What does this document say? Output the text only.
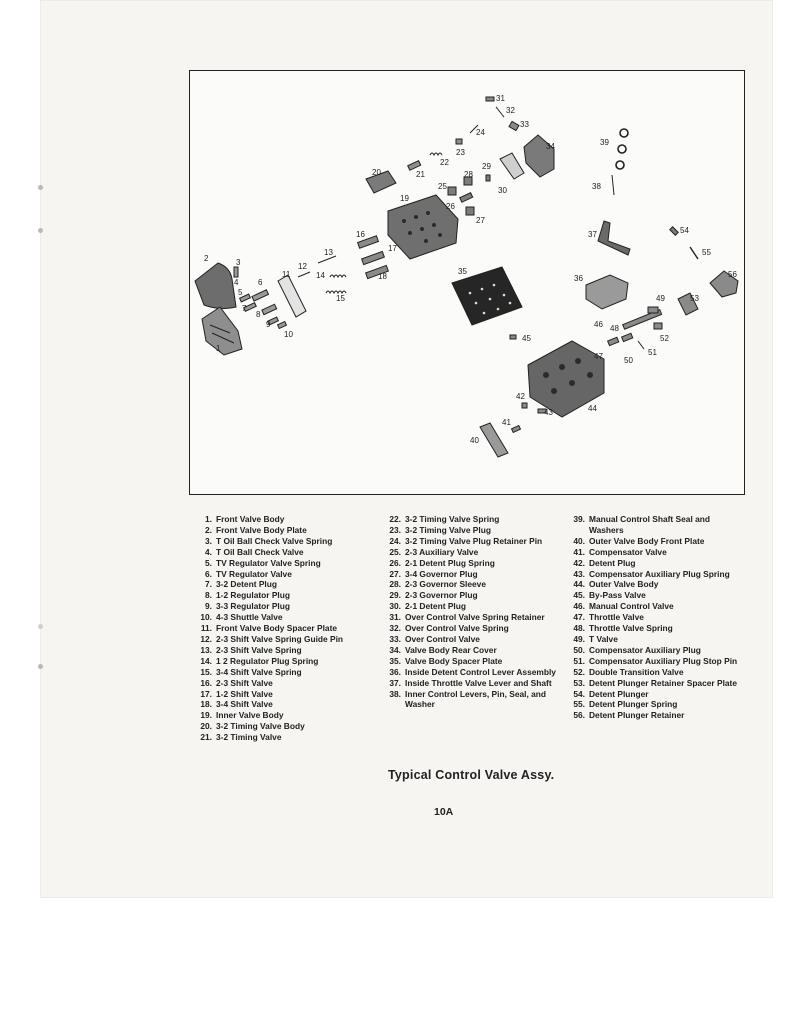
1
2	3
4
5
6
7
8
9
10
11
12
13
14
15
16
17
18
19
20	21
22
23
24
25
26
27
28
29
30
31
32
33
34
35
36
37
38
39
40
41
42
43	44
45
46
47
48
49
50
51
52
53
54
55
56
1. Front Valve Body
2. Front Valve Body Plate
3. T Oil Ball Check Valve Spring
4. T Oil Ball Check Valve
5. TV Regulator Valve Spring
6. TV Regulator Valve
7. 3-2 Detent Plug
8. 1-2 Regulator Plug
9. 3-3 Regulator Plug
10. 4-3 Shuttle Valve
11. Front Valve Body Spacer Plate
12. 2-3 Shift Valve Spring Guide Pin
13. 2-3 Shift Valve Spring
14. 1 2 Regulator Plug Spring
15. 3-4 Shift Valve Spring
16. 2-3 Shift Valve
17. 1-2 Shift Valve
18. 3-4 Shift Valve
19. Inner Valve Body
20. 3-2 Timing Valve Body
21. 3-2 Timing Valve
22. 3-2 Timing Valve Spring
23. 3-2 Timing Valve Plug
24. 3-2 Timing Valve Plug Retainer Pin
25. 2-3 Auxiliary Valve
26. 2-1 Detent Plug Spring
27. 3-4 Governor Plug
28. 2-3 Governor Sleeve
29. 2-3 Governor Plug
30. 2-1 Detent Plug
31. Over Control Valve Spring Retainer
32. Over Control Valve Spring
33. Over Control Valve
34. Valve Body Rear Cover
35. Valve Body Spacer Plate
36. Inside Detent Control Lever Assembly
37. Inside Throttle Valve Lever and Shaft
38. Inner Control Levers, Pin, Seal, and Washer
39. Manual Control Shaft Seal and Washers
40. Outer Valve Body Front Plate
41. Compensator Valve
42. Detent Plug
43. Compensator Auxiliary Plug Spring
44. Outer Valve Body
45. By-Pass Valve
46. Manual Control Valve
47. Throttle Valve
48. Throttle Valve Spring
49. T Valve
50. Compensator Auxiliary Plug
51. Compensator Auxiliary Plug Stop Pin
52. Double Transition Valve
53. Detent Plunger Retainer Spacer Plate
54. Detent Plunger
55. Detent Plunger Spring
56. Detent Plunger Retainer
Typical Control Valve Assy.
10A
